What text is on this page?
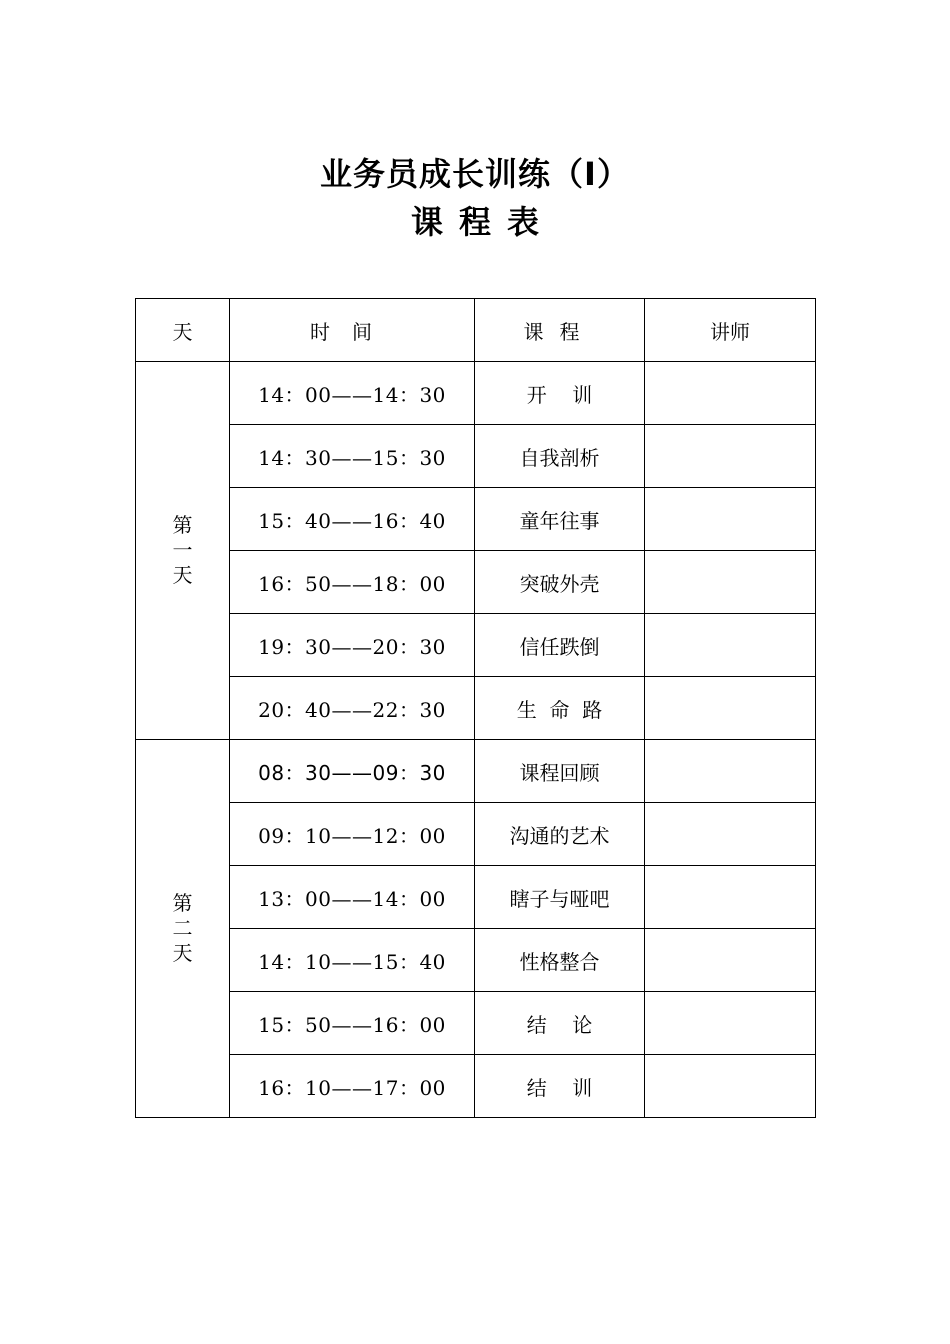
业务员成长训练（Ⅰ）
课程表
天	时间	课程	讲师
第一天	14：00——14：30	开    训	
	14：30——15：30	自我剖析	
	15：40——16：40	童年往事	
	16：50——18：00	突破外壳	
	19：30——20：30	信任跌倒	
	20：40——22：30	生  命  路	
第二天	08：30——09：30	课程回顾	
	09：10——12：00	沟通的艺术	
	13：00——14：00	瞎子与哑吧	
	14：10——15：40	性格整合	
	15：50——16：00	结    论	
	16：10——17：00	结    训	
